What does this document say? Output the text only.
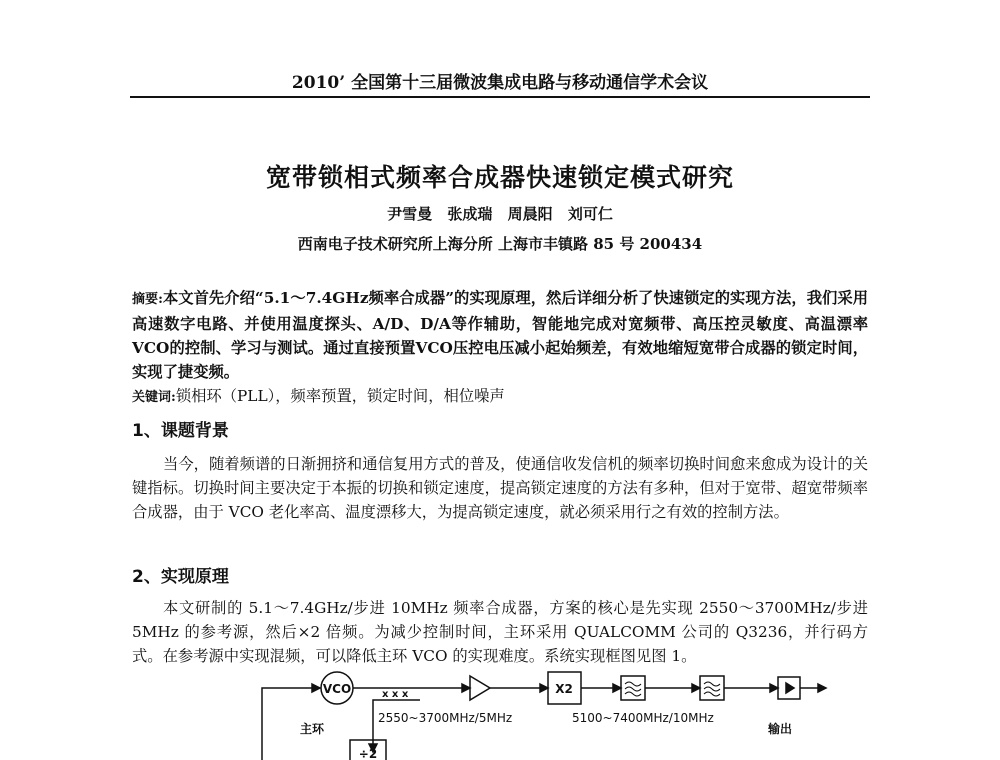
2010’ 全国第十三届微波集成电路与移动通信学术会议
宽带锁相式频率合成器快速锁定模式研究
尹雪曼 张成瑞 周晨阳 刘可仁
西南电子技术研究所上海分所 上海市丰镇路 85 号 200434
摘要:本文首先介绍“5.1～7.4GHz频率合成器”的实现原理，然后详细分析了快速锁定的实现方法，我们采用高速数字电路、并使用温度探头、A/D、D/A等作辅助，智能地完成对宽频带、高压控灵敏度、高温漂率VCO的控制、学习与测试。通过直接预置VCO压控电压减小起始频差，有效地缩短宽带合成器的锁定时间，实现了捷变频。
关键词:锁相环（PLL），频率预置，锁定时间，相位噪声
1、课题背景
当今，随着频谱的日渐拥挤和通信复用方式的普及，使通信收发信机的频率切换时间愈来愈成为设计的关键指标。切换时间主要决定于本振的切换和锁定速度，提高锁定速度的方法有多种，但对于宽带、超宽带频率合成器，由于 VCO 老化率高、温度漂移大，为提高锁定速度，就必须采用行之有效的控制方法。
2、实现原理
本文研制的 5.1～7.4GHz/步进 10MHz 频率合成器，方案的核心是先实现 2550～3700MHz/步进 5MHz 的参考源，然后×2 倍频。为减少控制时间，主环采用 QUALCOMM 公司的 Q3236，并行码方式。在参考源中实现混频，可以降低主环 VCO 的实现难度。系统实现框图见图 1。
VCO	x x x	X2
主环
2550~3700MHz/5MHz	5100~7400MHz/10MHz
输出
÷2
